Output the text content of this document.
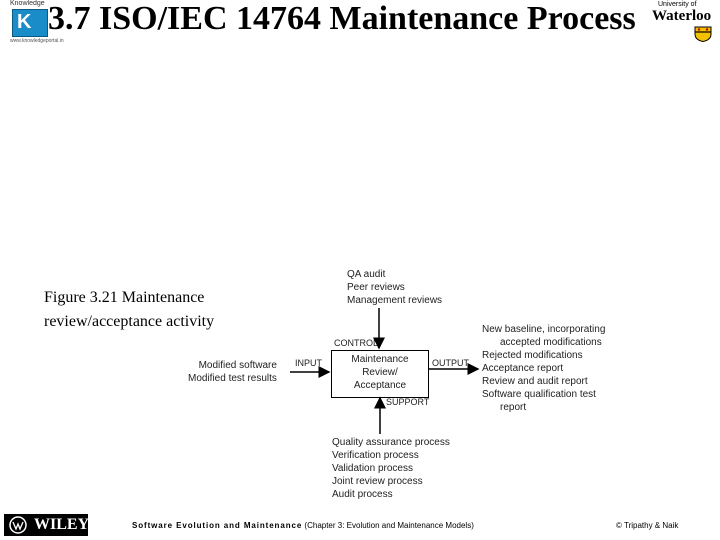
Knowledge
K
www.knowledgeportal.in
3.7 ISO/IEC 14764 Maintenance Process	University of
Waterloo
Figure 3.21 Maintenance
review/acceptance activity
QA audit
Peer reviews
Management reviews
CONTROL
Modified software
Modified test results
INPUT	Maintenance
Review/
Acceptance
OUTPUT
New baseline, incorporating
accepted modifications
Rejected modifications
Acceptance report
Review and audit report
Software qualification test
report
SUPPORT
Quality assurance process
Verification process
Validation process
Joint review process
Audit process
WILEY	Software Evolution and Maintenance (Chapter 3: Evolution and Maintenance Models)	© Tripathy & Naik
